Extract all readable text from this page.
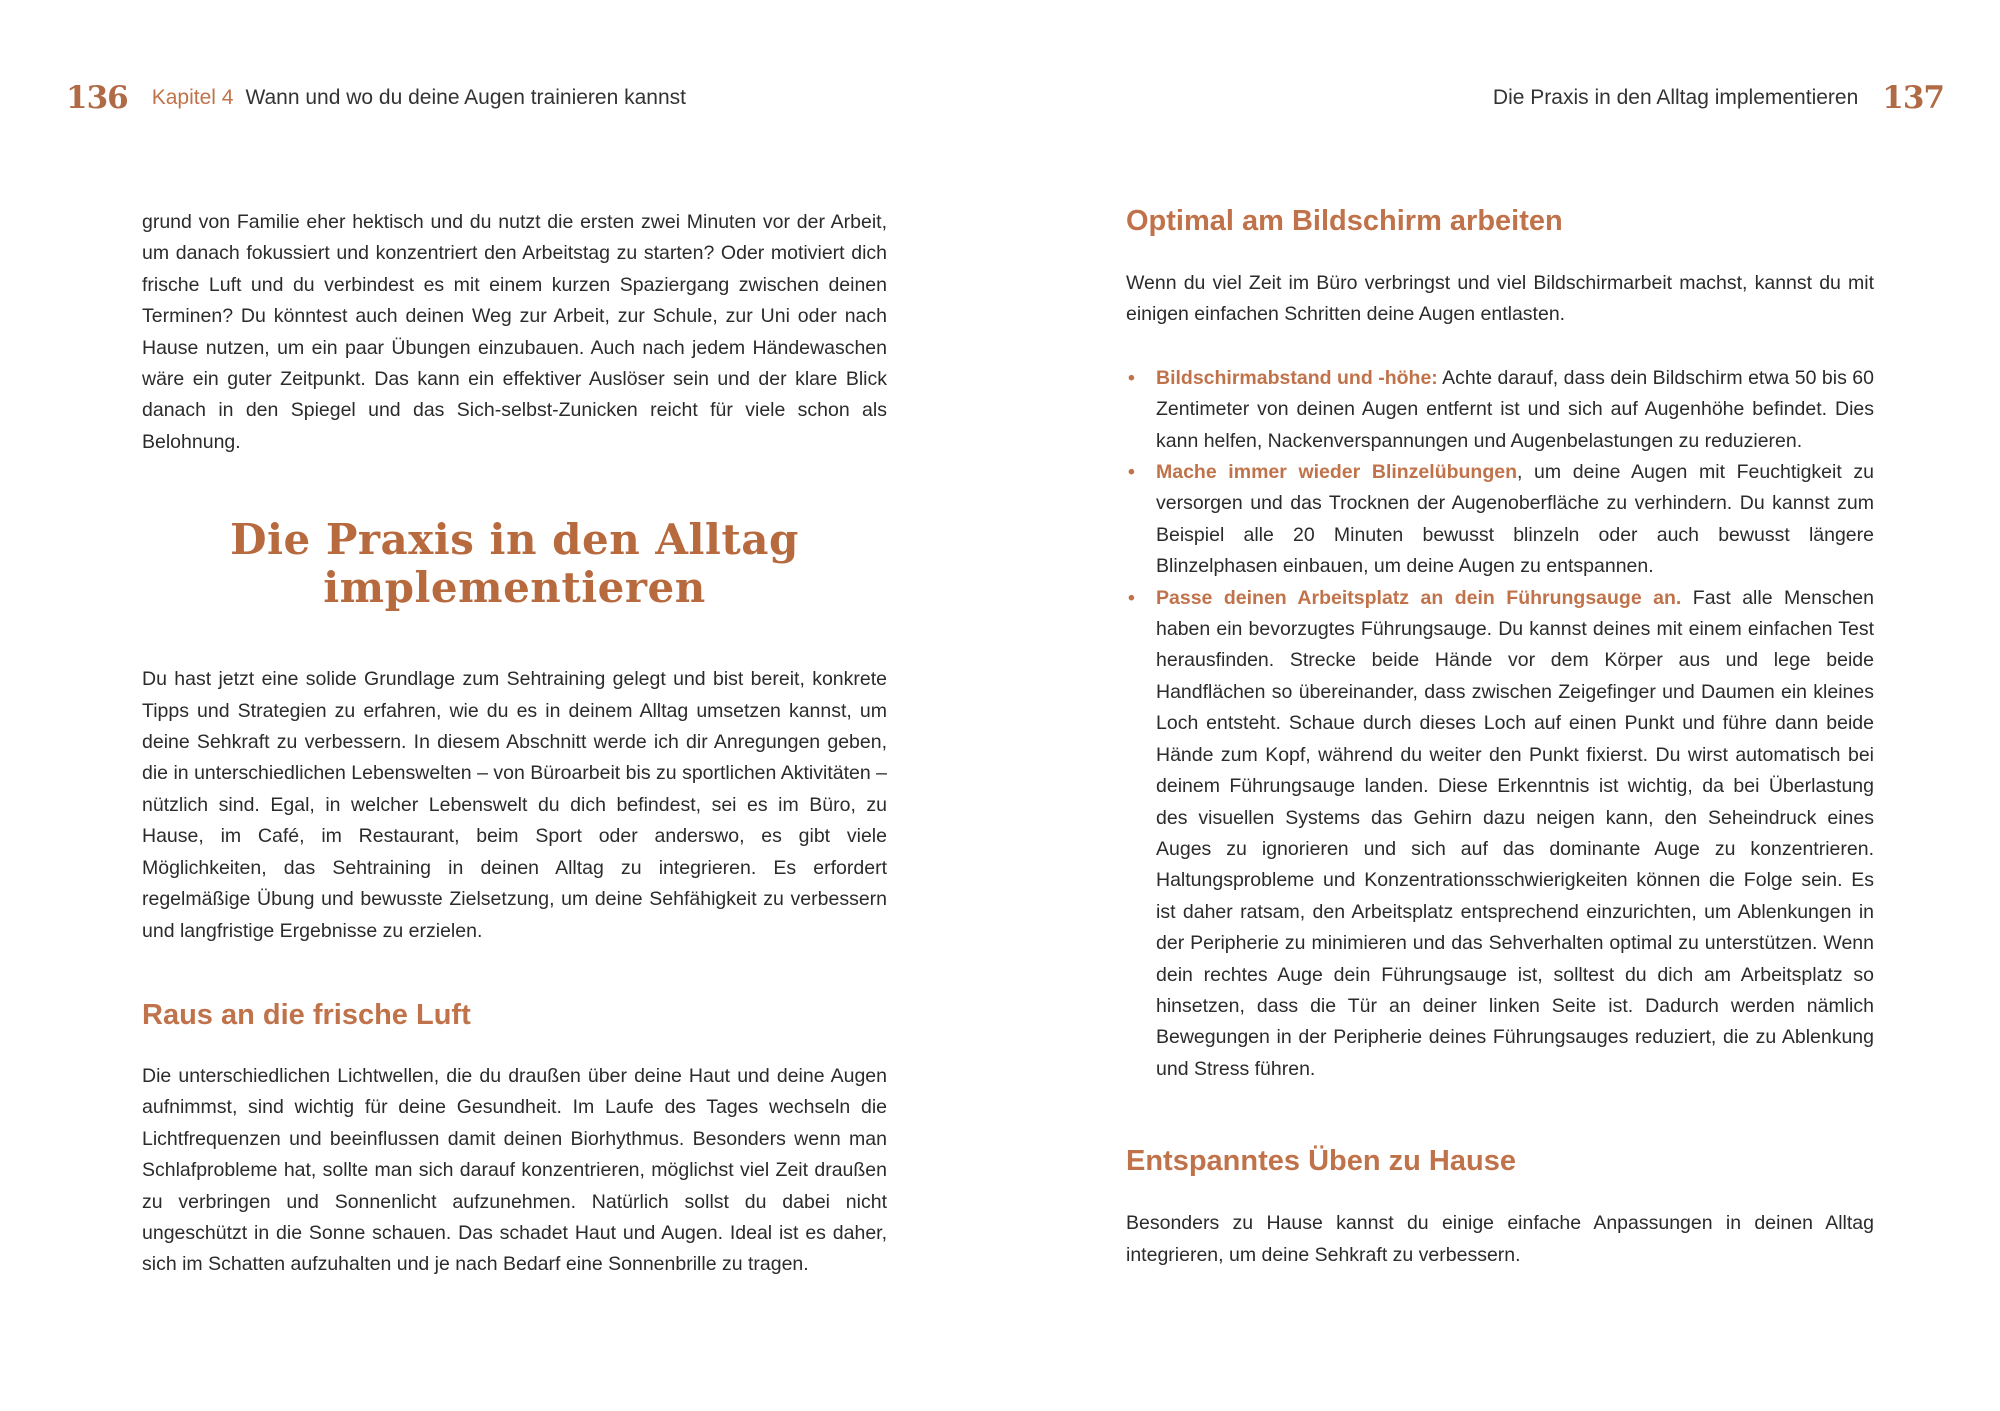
136 Kapitel 4 Wann und wo du deine Augen trainieren kannst	Die Praxis in den Alltag implementieren 137

grund von Familie eher hektisch und du nutzt die ersten zwei Minuten vor der Arbeit, um danach fokussiert und konzentriert den Arbeitstag zu starten? Oder motiviert dich frische Luft und du verbindest es mit einem kurzen Spaziergang zwischen deinen Terminen? Du könntest auch deinen Weg zur Arbeit, zur Schule, zur Uni oder nach Hause nutzen, um ein paar Übungen einzubauen. Auch nach jedem Händewaschen wäre ein guter Zeitpunkt. Das kann ein effektiver Auslöser sein und der klare Blick danach in den Spiegel und das Sich-selbst-Zunicken reicht für viele schon als Belohnung.

Die Praxis in den Alltag
implementieren

Du hast jetzt eine solide Grundlage zum Sehtraining gelegt und bist bereit, konkrete Tipps und Strategien zu erfahren, wie du es in deinem Alltag umsetzen kannst, um deine Sehkraft zu verbessern. In diesem Abschnitt werde ich dir Anregungen geben, die in unterschiedlichen Lebenswelten – von Büroarbeit bis zu sportlichen Aktivitäten – nützlich sind. Egal, in welcher Lebenswelt du dich befindest, sei es im Büro, zu Hause, im Café, im Restaurant, beim Sport oder anderswo, es gibt viele Möglichkeiten, das Sehtraining in deinen Alltag zu integrieren. Es erfordert regelmäßige Übung und bewusste Zielsetzung, um deine Sehfähigkeit zu verbessern und langfristige Ergebnisse zu erzielen.

Raus an die frische Luft

Die unterschiedlichen Lichtwellen, die du draußen über deine Haut und deine Augen aufnimmst, sind wichtig für deine Gesundheit. Im Laufe des Tages wechseln die Lichtfrequenzen und beeinflussen damit deinen Biorhythmus. Besonders wenn man Schlafprobleme hat, sollte man sich darauf konzentrieren, möglichst viel Zeit draußen zu verbringen und Sonnenlicht aufzunehmen. Natürlich sollst du dabei nicht ungeschützt in die Sonne schauen. Das schadet Haut und Augen. Ideal ist es daher, sich im Schatten aufzuhalten und je nach Bedarf eine Sonnenbrille zu tragen.

Optimal am Bildschirm arbeiten

Wenn du viel Zeit im Büro verbringst und viel Bildschirmarbeit machst, kannst du mit einigen einfachen Schritten deine Augen entlasten.

• Bildschirmabstand und -höhe: Achte darauf, dass dein Bildschirm etwa 50 bis 60 Zentimeter von deinen Augen entfernt ist und sich auf Augenhöhe befindet. Dies kann helfen, Nackenverspannungen und Augenbelastungen zu reduzieren.
• Mache immer wieder Blinzelübungen, um deine Augen mit Feuchtigkeit zu versorgen und das Trocknen der Augenoberfläche zu verhindern. Du kannst zum Beispiel alle 20 Minuten bewusst blinzeln oder auch bewusst längere Blinzelphasen einbauen, um deine Augen zu entspannen.
• Passe deinen Arbeitsplatz an dein Führungsauge an. Fast alle Menschen haben ein bevorzugtes Führungsauge. Du kannst deines mit einem einfachen Test herausfinden. Strecke beide Hände vor dem Körper aus und lege beide Handflächen so übereinander, dass zwischen Zeigefinger und Daumen ein kleines Loch entsteht. Schaue durch dieses Loch auf einen Punkt und führe dann beide Hände zum Kopf, während du weiter den Punkt fixierst. Du wirst automatisch bei deinem Führungsauge landen. Diese Erkenntnis ist wichtig, da bei Überlastung des visuellen Systems das Gehirn dazu neigen kann, den Seheindruck eines Auges zu ignorieren und sich auf das dominante Auge zu konzentrieren. Haltungsprobleme und Konzentrationsschwierigkeiten können die Folge sein. Es ist daher ratsam, den Arbeitsplatz entsprechend einzurichten, um Ablenkungen in der Peripherie zu minimieren und das Sehverhalten optimal zu unterstützen. Wenn dein rechtes Auge dein Führungsauge ist, solltest du dich am Arbeitsplatz so hinsetzen, dass die Tür an deiner linken Seite ist. Dadurch werden nämlich Bewegungen in der Peripherie deines Führungsauges reduziert, die zu Ablenkung und Stress führen.
Entspanntes Üben zu Hause

Besonders zu Hause kannst du einige einfache Anpassungen in deinen Alltag integrieren, um deine Sehkraft zu verbessern.
